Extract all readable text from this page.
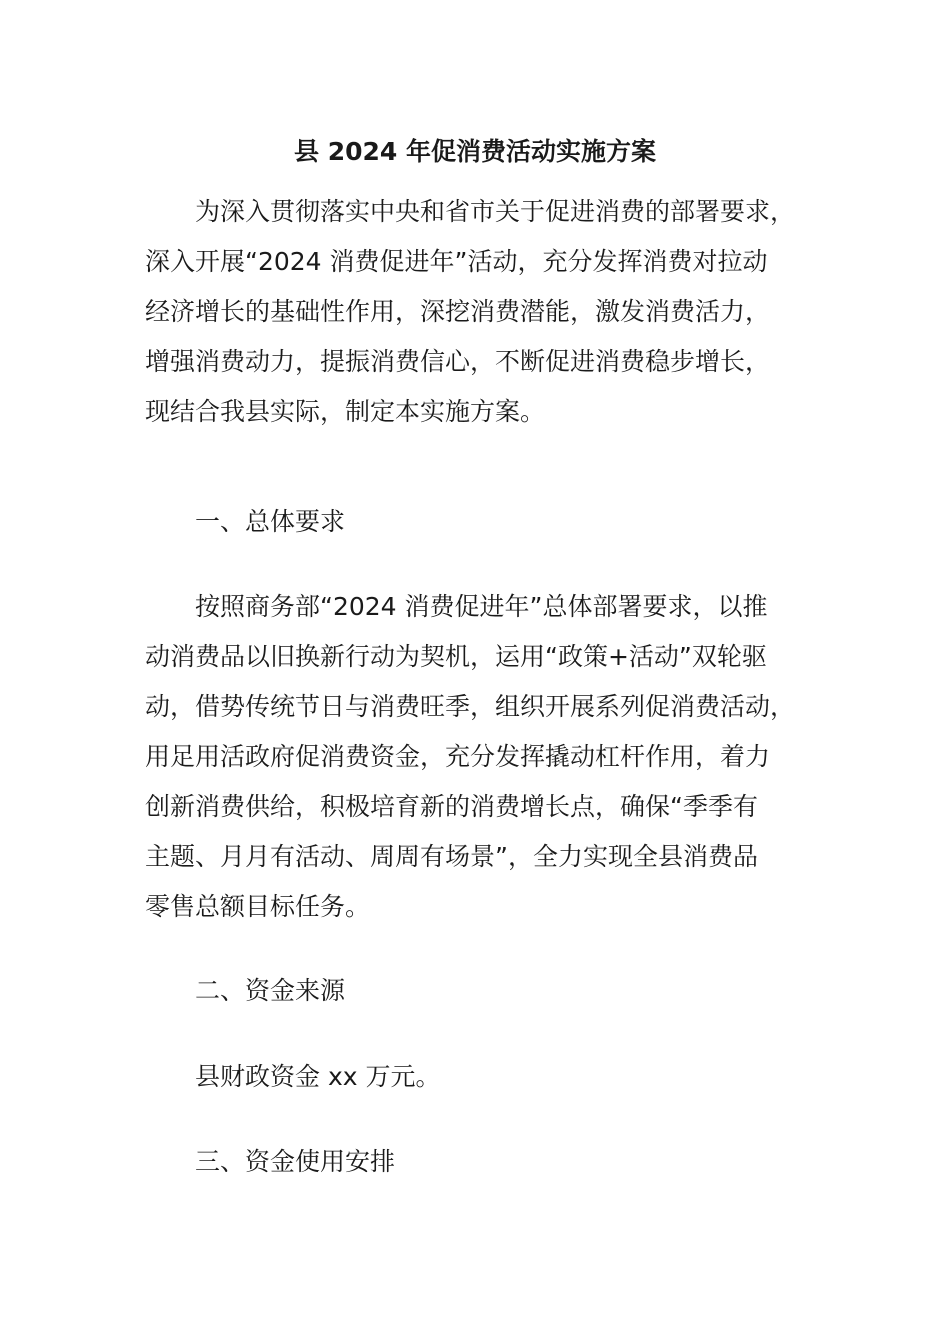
县 2024 年促消费活动实施方案
为深入贯彻落实中央和省市关于促进消费的部署要求，
深入开展“2024 消费促进年”活动，充分发挥消费对拉动
经济增长的基础性作用，深挖消费潜能，激发消费活力，
增强消费动力，提振消费信心，不断促进消费稳步增长，
现结合我县实际，制定本实施方案。
一、总体要求
按照商务部“2024 消费促进年”总体部署要求，以推
动消费品以旧换新行动为契机，运用“政策+活动”双轮驱
动，借势传统节日与消费旺季，组织开展系列促消费活动，
用足用活政府促消费资金，充分发挥撬动杠杆作用，着力
创新消费供给，积极培育新的消费增长点，确保“季季有
主题、月月有活动、周周有场景”，全力实现全县消费品
零售总额目标任务。
二、资金来源
县财政资金 xx 万元。
三、资金使用安排
